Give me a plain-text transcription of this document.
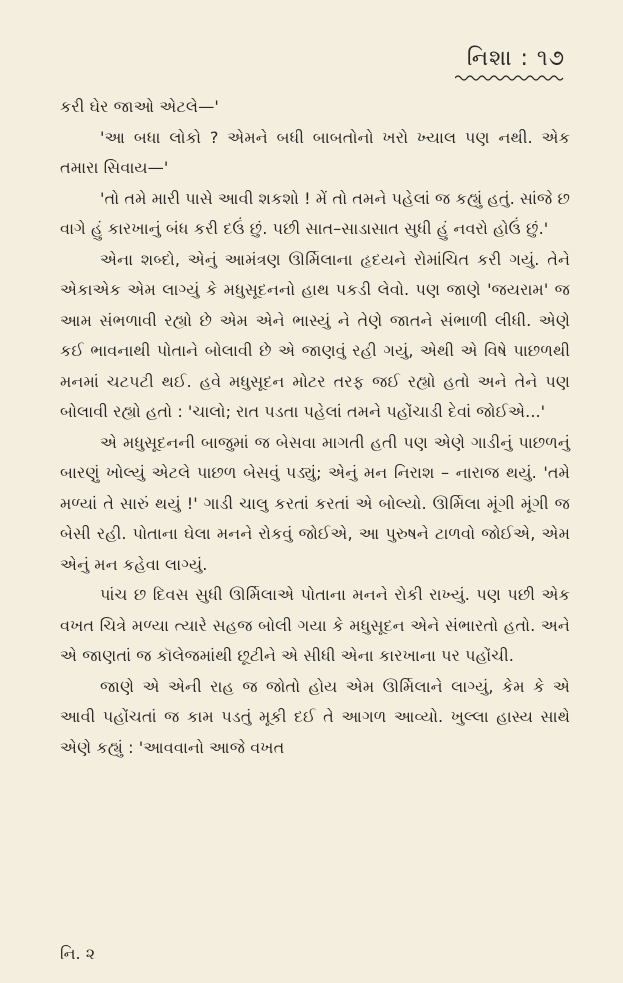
નિશા : ૧૭

કરી ઘેર જાઓ એટલે—'

'આ બધા લોકો ? એમને બધી બાબતોનો ખરો ખ્યાલ પણ નથી. એક તમારા સિવાય—'

'તો તમે મારી પાસે આવી શકશો ! મેં તો તમને પહેલાં જ કહ્યું હતું. સાંજે છ વાગે હું કારખાનું બંધ કરી દઉં છું. પછી સાત–સાડાસાત સુધી હું નવરો હોઉં છું.'

એના શબ્દો, એનું આમંત્રણ ઊર્મિલાના હૃદયને રોમાંચિત કરી ગયું. તેને એકાએક એમ લાગ્યું કે મધુસૂદનનો હાથ પકડી લેવો. પણ જાણે 'જયરામ' જ આમ સંભળાવી રહ્યો છે એમ એને ભાસ્યું ને તેણે જાતને સંભાળી લીધી. એણે કઈ ભાવનાથી પોતાને બોલાવી છે એ જાણવું રહી ગયું, એથી એ વિષે પાછળથી મનમાં ચટપટી થઈ. હવે મધુસૂદન મોટર તરફ જઈ રહ્યો હતો અને તેને પણ બોલાવી રહ્યો હતો : 'ચાલો; રાત પડતા પહેલાં તમને પહોંચાડી દેવાં જોઈએ...'

એ મધુસૂદનની બાજુમાં જ બેસવા માગતી હતી પણ એણે ગાડીનું પાછળનું બારણું ખોલ્યું એટલે પાછળ બેસવું પડ્યું; એનું મન નિરાશ – નારાજ થયું. 'તમે મળ્યાં તે સારું થયું !' ગાડી ચાલુ કરતાં કરતાં એ બોલ્યો. ઊર્મિલા મૂંગી મૂંગી જ બેસી રહી. પોતાના ઘેલા મનને રોકવું જોઈએ, આ પુરુષને ટાળવો જોઈએ, એમ એનું મન કહેવા લાગ્યું.

પાંચ છ દિવસ સુધી ઊર્મિલાએ પોતાના મનને રોકી રાખ્યું. પણ પછી એક વખત ચિત્રે મળ્યા ત્યારે સહજ બોલી ગયા કે મધુસૂદન એને સંભારતો હતો. અને એ જાણતાં જ કૉલેજમાંથી છૂટીને એ સીધી એના કારખાના પર પહોંચી.

જાણે એ એની રાહ જ જોતો હોય એમ ઊર્મિલાને લાગ્યું, કેમ કે એ આવી પહોંચતાં જ કામ પડતું મૂકી દઈ તે આગળ આવ્યો. ખુલ્લા હાસ્ય સાથે એણે કહ્યું : 'આવવાનો આજે વખત

નિ. ૨
